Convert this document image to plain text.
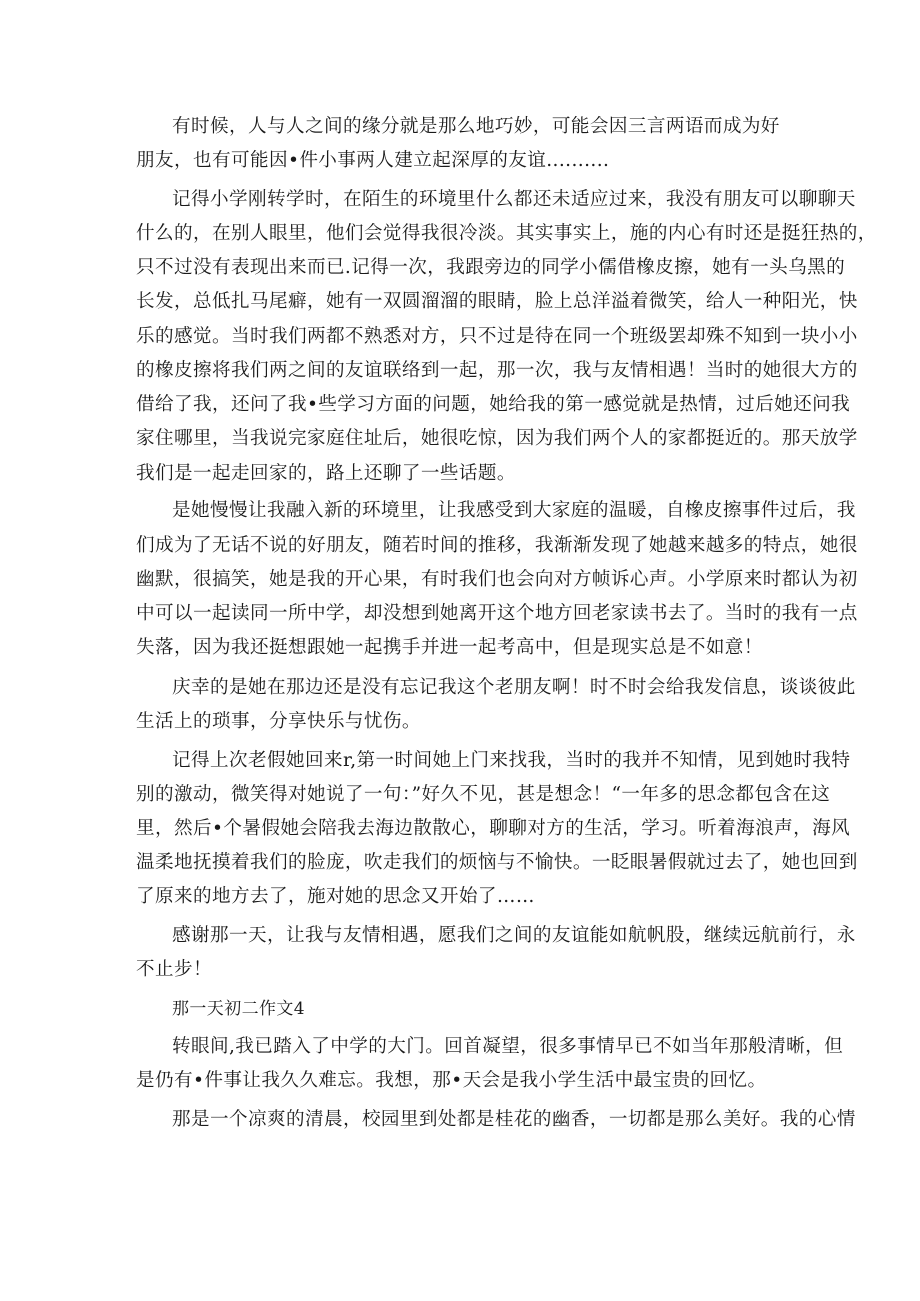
有时候，人与人之间的缘分就是那么地巧妙，可能会因三言两语而成为好
朋友，也有可能因•件小事两人建立起深厚的友谊..........
记得小学刚转学时，在陌生的环境里什么都还未适应过来，我没有朋友可以聊聊天
什么的，在别人眼里，他们会觉得我很冷淡。其实事实上，施的内心有时还是挺狂热的，
只不过没有表现出来而已.记得一次，我跟旁边的同学小儒借橡皮擦，她有一头乌黑的
长发，总低扎马尾癖，她有一双圆溜溜的眼睛，脸上总洋溢着微笑，给人一种阳光，快
乐的感觉。当时我们两都不熟悉对方，只不过是待在同一个班级罢却殊不知到一块小小
的橡皮擦将我们两之间的友谊联络到一起，那一次，我与友情相遇！当时的她很大方的
借给了我，还问了我•些学习方面的问题，她给我的第一感觉就是热情，过后她还问我
家住哪里，当我说完家庭住址后，她很吃惊，因为我们两个人的家都挺近的。那天放学
我们是一起走回家的，路上还聊了一些话题。
是她慢慢让我融入新的环境里，让我感受到大家庭的温暖，自橡皮擦事件过后，我
们成为了无话不说的好朋友，随若时间的推移，我渐渐发现了她越来越多的特点，她很
幽默，很搞笑，她是我的开心果，有时我们也会向对方帧诉心声。小学原来时都认为初
中可以一起读同一所中学，却没想到她离开这个地方回老家读书去了。当时的我有一点
失落，因为我还挺想跟她一起携手并进一起考高中，但是现实总是不如意！
庆幸的是她在那边还是没有忘记我这个老朋友啊！时不时会给我发信息，谈谈彼此
生活上的琐事，分享快乐与忧伤。
记得上次老假她回来r,第一时间她上门来找我，当时的我并不知情，见到她时我特
别的激动，微笑得对她说了一句：”好久不见，甚是想念！“一年多的思念都包含在这
里，然后•个暑假她会陪我去海边散散心，聊聊对方的生活，学习。听着海浪声，海风
温柔地抚摸着我们的脸庞，吹走我们的烦恼与不愉快。一眨眼暑假就过去了，她也回到
了原来的地方去了，施对她的思念又开始了……
感谢那一天，让我与友情相遇，愿我们之间的友谊能如航帆股，继续远航前行，永
不止步！
那一天初二作文4
转眼间,我已踏入了中学的大门。回首凝望，很多事情早已不如当年那般清晰，但
是仍有•件事让我久久难忘。我想，那•天会是我小学生活中最宝贵的回忆。
那是一个凉爽的清晨，校园里到处都是桂花的幽香，一切都是那么美好。我的心情
